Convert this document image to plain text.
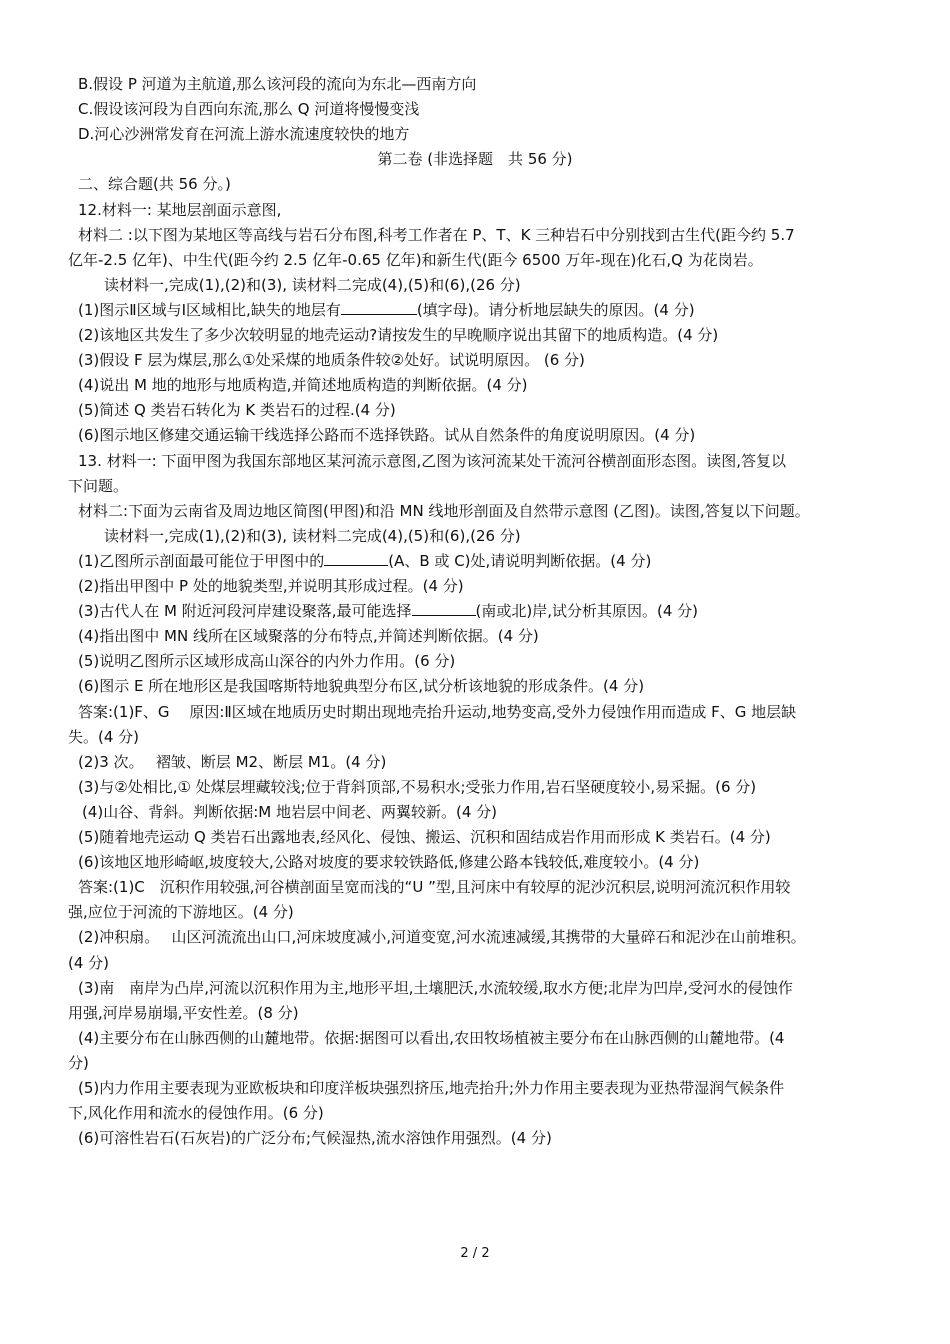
B.假设 P 河道为主航道,那么该河段的流向为东北—西南方向
C.假设该河段为自西向东流,那么 Q 河道将慢慢变浅
D.河心沙洲常发育在河流上游水流速度较快的地方
第二卷 (非选择题　共 56 分)
二、综合题(共 56 分。)
12.材料一: 某地层剖面示意图,
材料二 :以下图为某地区等高线与岩石分布图,科考工作者在 P、T、K 三种岩石中分别找到古生代(距今约 5.7
亿年-2.5 亿年)、中生代(距今约 2.5 亿年-0.65 亿年)和新生代(距今 6500 万年-现在)化石,Q 为花岗岩。
读材料一,完成(1),(2)和(3), 读材料二完成(4),(5)和(6),(26 分)
(1)图示Ⅱ区域与Ⅰ区域相比,缺失的地层有	(填字母)。请分析地层缺失的原因。(4 分)
(2)该地区共发生了多少次较明显的地壳运动?请按发生的早晚顺序说出其留下的地质构造。(4 分)
(3)假设 F 层为煤层,那么①处采煤的地质条件较②处好。试说明原因。 (6 分)
(4)说出 M 地的地形与地质构造,并简述地质构造的判断依据。(4 分)
(5)简述 Q 类岩石转化为 K 类岩石的过程.(4 分)
(6)图示地区修建交通运输干线选择公路而不选择铁路。试从自然条件的角度说明原因。(4 分)
13. 材料一: 下面甲图为我国东部地区某河流示意图,乙图为该河流某处干流河谷横剖面形态图。读图,答复以
下问题。
材料二:下面为云南省及周边地区简图(甲图)和沿 MN 线地形剖面及自然带示意图 (乙图)。读图,答复以下问题。
读材料一,完成(1),(2)和(3), 读材料二完成(4),(5)和(6),(26 分)
(1)乙图所示剖面最可能位于甲图中的	(A、B 或 C)处,请说明判断依据。(4 分)
(2)指出甲图中 P 处的地貌类型,并说明其形成过程。(4 分)
(3)古代人在 M 附近河段河岸建设聚落,最可能选择	(南或北)岸,试分析其原因。(4 分)
(4)指出图中 MN 线所在区域聚落的分布特点,并简述判断依据。(4 分)
(5)说明乙图所示区域形成高山深谷的内外力作用。(6 分)
(6)图示 E 所在地形区是我国喀斯特地貌典型分布区,试分析该地貌的形成条件。(4 分)
答案:(1)F、G　 原因:Ⅱ区域在地质历史时期出现地壳抬升运动,地势变高,受外力侵蚀作用而造成 F、G 地层缺
失。(4 分)
(2)3 次。　 褶皱、断层 M2、断层 M1。(4 分)
(3)与②处相比,① 处煤层埋藏较浅;位于背斜顶部,不易积水;受张力作用,岩石坚硬度较小,易采掘。(6 分)
(4)山谷、背斜。判断依据:M 地岩层中间老、两翼较新。(4 分)
(5)随着地壳运动 Q 类岩石出露地表,经风化、侵蚀、搬运、沉积和固结成岩作用而形成 K 类岩石。(4 分)
(6)该地区地形崎岖,坡度较大,公路对坡度的要求较铁路低,修建公路本钱较低,难度较小。(4 分)
答案:(1)C　沉积作用较强,河谷横剖面呈宽而浅的“U ”型,且河床中有较厚的泥沙沉积层,说明河流沉积作用较
强,应位于河流的下游地区。(4 分)
(2)冲积扇。　 山区河流流出山口,河床坡度减小,河道变宽,河水流速减缓,其携带的大量碎石和泥沙在山前堆积。
(4 分)
(3)南　南岸为凸岸,河流以沉积作用为主,地形平坦,土壤肥沃,水流较缓,取水方便;北岸为凹岸,受河水的侵蚀作
用强,河岸易崩塌,平安性差。(8 分)
(4)主要分布在山脉西侧的山麓地带。依据:据图可以看出,农田牧场植被主要分布在山脉西侧的山麓地带。(4
分)
(5)内力作用主要表现为亚欧板块和印度洋板块强烈挤压,地壳抬升;外力作用主要表现为亚热带湿润气候条件
下,风化作用和流水的侵蚀作用。(6 分)
(6)可溶性岩石(石灰岩)的广泛分布;气候湿热,流水溶蚀作用强烈。(4 分)
2 / 2
